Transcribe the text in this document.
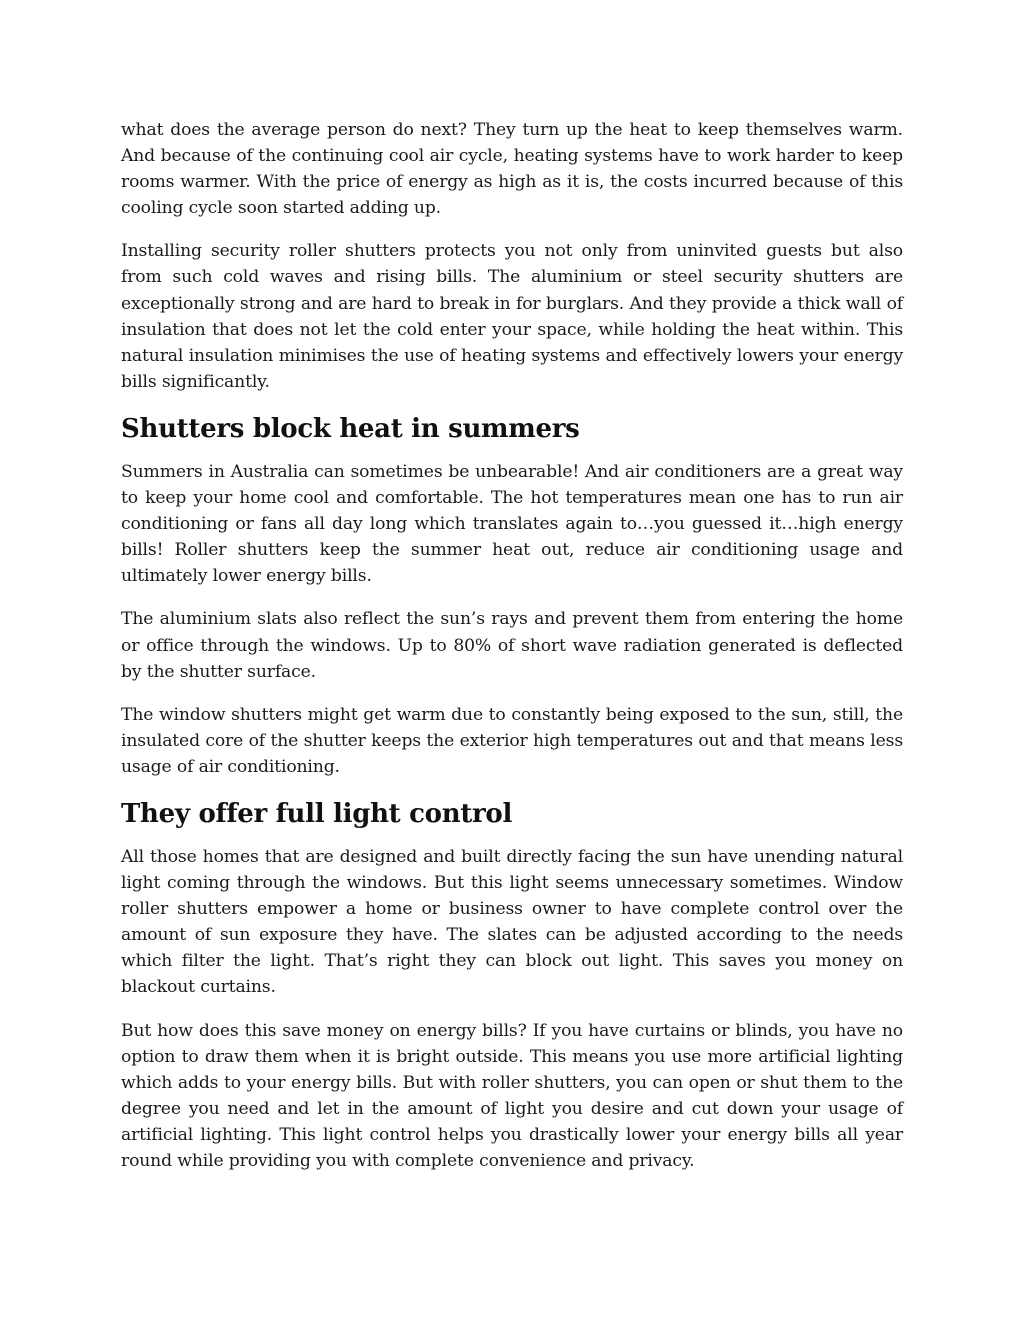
what does the average person do next? They turn up the heat to keep themselves warm. And because of the continuing cool air cycle, heating systems have to work harder to keep rooms warmer. With the price of energy as high as it is, the costs incurred because of this cooling cycle soon started adding up.

Installing security roller shutters protects you not only from uninvited guests but also from such cold waves and rising bills. The aluminium or steel security shutters are exceptionally strong and are hard to break in for burglars. And they provide a thick wall of insulation that does not let the cold enter your space, while holding the heat within. This natural insulation minimises the use of heating systems and effectively lowers your energy bills significantly.

Shutters block heat in summers

Summers in Australia can sometimes be unbearable! And air conditioners are a great way to keep your home cool and comfortable. The hot temperatures mean one has to run air conditioning or fans all day long which translates again to…you guessed it…high energy bills! Roller shutters keep the summer heat out, reduce air conditioning usage and ultimately lower energy bills.

The aluminium slats also reflect the sun’s rays and prevent them from entering the home or office through the windows. Up to 80% of short wave radiation generated is deflected by the shutter surface.

The window shutters might get warm due to constantly being exposed to the sun, still, the insulated core of the shutter keeps the exterior high temperatures out and that means less usage of air conditioning.

They offer full light control

All those homes that are designed and built directly facing the sun have unending natural light coming through the windows. But this light seems unnecessary sometimes. Window roller shutters empower a home or business owner to have complete control over the amount of sun exposure they have. The slates can be adjusted according to the needs which filter the light. That’s right they can block out light. This saves you money on blackout curtains.

But how does this save money on energy bills? If you have curtains or blinds, you have no option to draw them when it is bright outside. This means you use more artificial lighting which adds to your energy bills. But with roller shutters, you can open or shut them to the degree you need and let in the amount of light you desire and cut down your usage of artificial lighting. This light control helps you drastically lower your energy bills all year round while providing you with complete convenience and privacy.
